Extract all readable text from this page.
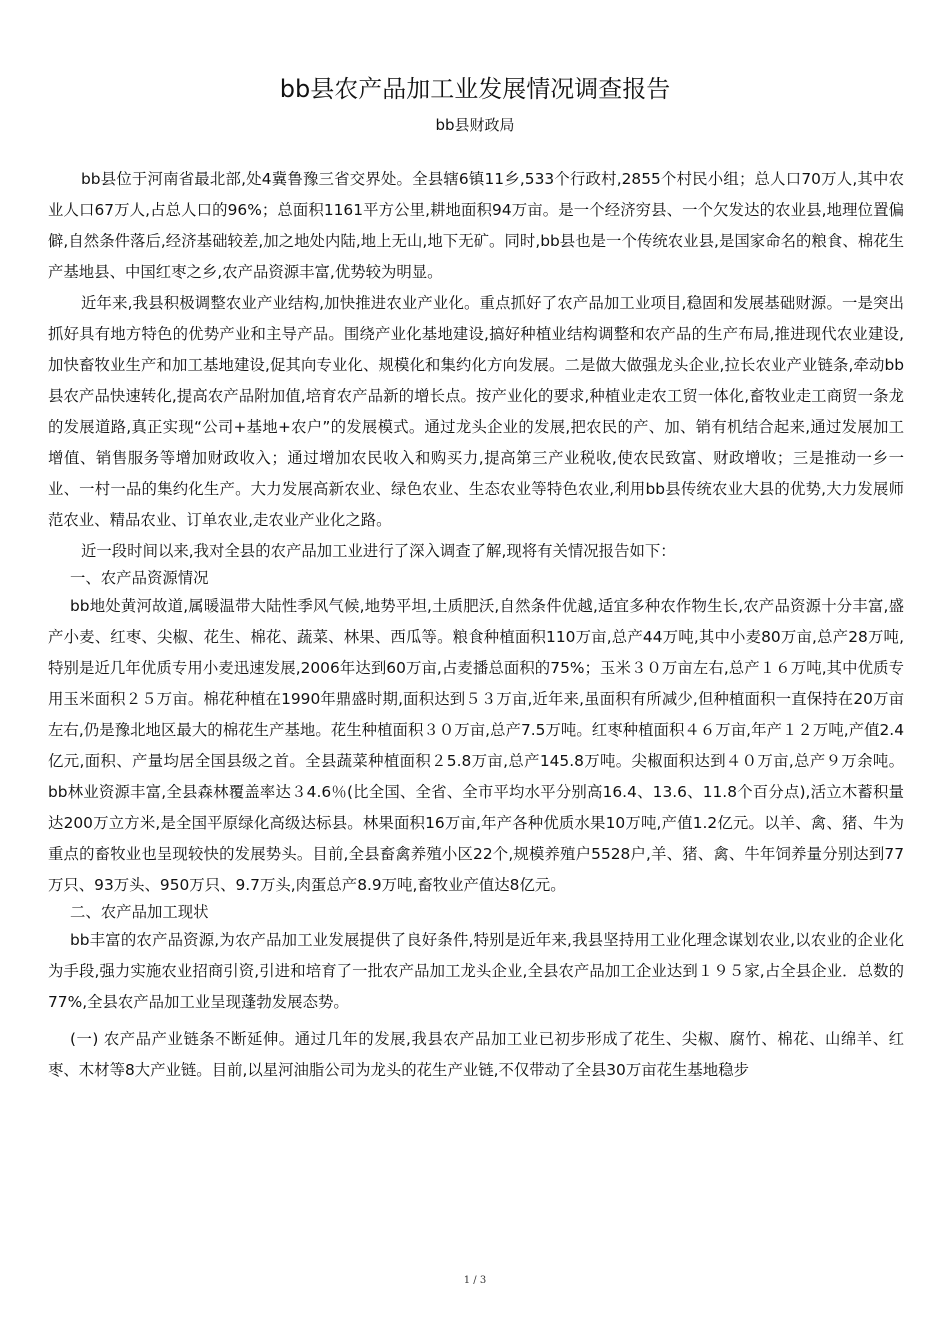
bb县农产品加工业发展情况调查报告
bb县财政局

bb县位于河南省最北部,处4冀鲁豫三省交界处。全县辖6镇11乡,533个行政村,2855个村民小组；总人口70万人,其中农业人口67万人,占总人口的96%；总面积1161平方公里,耕地面积94万亩。是一个经济穷县、一个欠发达的农业县,地理位置偏僻,自然条件落后,经济基础较差,加之地处内陆,地上无山,地下无矿。同时,bb县也是一个传统农业县,是国家命名的粮食、棉花生产基地县、中国红枣之乡,农产品资源丰富,优势较为明显。

近年来,我县积极调整农业产业结构,加快推进农业产业化。重点抓好了农产品加工业项目,稳固和发展基础财源。一是突出抓好具有地方特色的优势产业和主导产品。围绕产业化基地建设,搞好种植业结构调整和农产品的生产布局,推进现代农业建设,加快畜牧业生产和加工基地建设,促其向专业化、规模化和集约化方向发展。二是做大做强龙头企业,拉长农业产业链条,牵动bb县农产品快速转化,提高农产品附加值,培育农产品新的增长点。按产业化的要求,种植业走农工贸一体化,畜牧业走工商贸一条龙的发展道路,真正实现“公司+基地+农户”的发展模式。通过龙头企业的发展,把农民的产、加、销有机结合起来,通过发展加工增值、销售服务等增加财政收入；通过增加农民收入和购买力,提高第三产业税收,使农民致富、财政增收；三是推动一乡一业、一村一品的集约化生产。大力发展高新农业、绿色农业、生态农业等特色农业,利用bb县传统农业大县的优势,大力发展师范农业、精品农业、订单农业,走农业产业化之路。

近一段时间以来,我对全县的农产品加工业进行了深入调查了解,现将有关情况报告如下：

一、农产品资源情况

bb地处黄河故道,属暖温带大陆性季风气候,地势平坦,土质肥沃,自然条件优越,适宜多种农作物生长,农产品资源十分丰富,盛产小麦、红枣、尖椒、花生、棉花、蔬菜、林果、西瓜等。粮食种植面积110万亩,总产44万吨,其中小麦80万亩,总产28万吨,特别是近几年优质专用小麦迅速发展,2006年达到60万亩,占麦播总面积的75%；玉米３０万亩左右,总产１６万吨,其中优质专用玉米面积２５万亩。棉花种植在1990年鼎盛时期,面积达到５３万亩,近年来,虽面积有所减少,但种植面积一直保持在20万亩左右,仍是豫北地区最大的棉花生产基地。花生种植面积３０万亩,总产7.5万吨。红枣种植面积４６万亩,年产１２万吨,产值2.4亿元,面积、产量均居全国县级之首。全县蔬菜种植面积２5.8万亩,总产145.8万吨。尖椒面积达到４０万亩,总产９万余吨。bb林业资源丰富,全县森林覆盖率达３4.6％(比全国、全省、全市平均水平分别高16.4、13.6、11.8个百分点),活立木蓄积量达200万立方米,是全国平原绿化高级达标县。林果面积16万亩,年产各种优质水果10万吨,产值1.2亿元。以羊、禽、猪、牛为重点的畜牧业也呈现较快的发展势头。目前,全县畜禽养殖小区22个,规模养殖户5528户,羊、猪、禽、牛年饲养量分别达到77万只、93万头、950万只、9.7万头,肉蛋总产8.9万吨,畜牧业产值达8亿元。

二、农产品加工现状

bb丰富的农产品资源,为农产品加工业发展提供了良好条件,特别是近年来,我县坚持用工业化理念谋划农业,以农业的企业化为手段,强力实施农业招商引资,引进和培育了一批农产品加工龙头企业,全县农产品加工企业达到１９５家,占全县企业．总数的77%,全县农产品加工业呈现蓬勃发展态势。

(一) 农产品产业链条不断延伸。通过几年的发展,我县农产品加工业已初步形成了花生、尖椒、腐竹、棉花、山绵羊、红枣、木材等8大产业链。目前,以星河油脂公司为龙头的花生产业链,不仅带动了全县30万亩花生基地稳步

1 / 3
